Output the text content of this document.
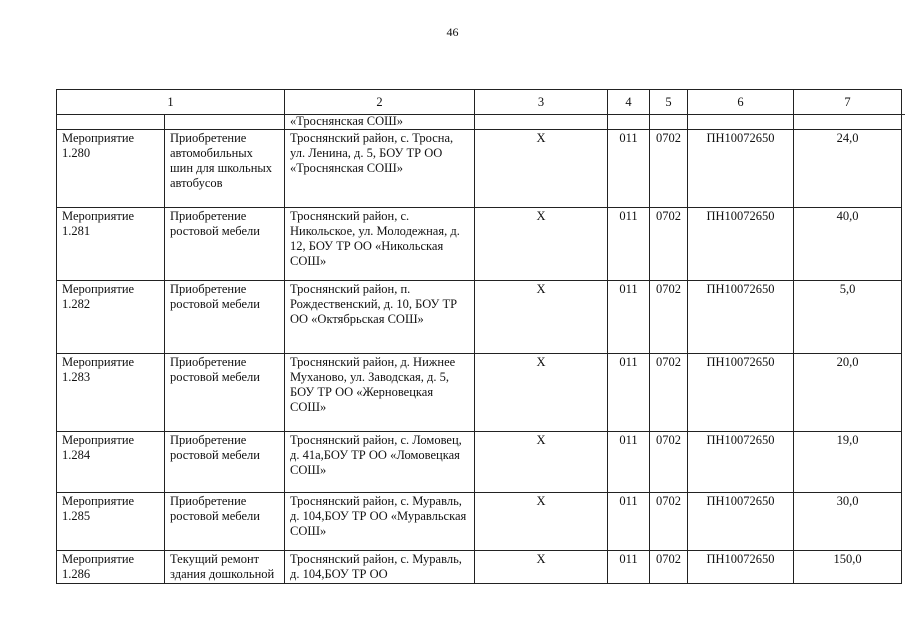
46
1		2	3	4	5	6	7
		«Троснянская СОШ»					
Мероприятие 1.280	Приобретение автомобильных шин для школьных автобусов	Троснянский район, с. Тросна, ул. Ленина, д. 5, БОУ ТР ОО «Троснянская СОШ»	Х	011	0702	ПН10072650	24,0
Мероприятие 1.281	Приобретение ростовой мебели	Троснянский район, с. Никольское, ул. Молодежная, д. 12, БОУ ТР ОО «Никольская СОШ»	Х	011	0702	ПН10072650	40,0
Мероприятие 1.282	Приобретение ростовой мебели	Троснянский район, п. Рождественский, д. 10, БОУ ТР ОО «Октябрьская СОШ»	Х	011	0702	ПН10072650	5,0
Мероприятие 1.283	Приобретение ростовой мебели	Троснянский район, д. Нижнее Муханово, ул. Заводская, д. 5, БОУ ТР ОО «Жерновецкая СОШ»	Х	011	0702	ПН10072650	20,0
Мероприятие 1.284	Приобретение ростовой мебели	Троснянский район, с. Ломовец, д. 41а,БОУ ТР ОО «Ломовецкая СОШ»	Х	011	0702	ПН10072650	19,0
Мероприятие 1.285	Приобретение ростовой мебели	Троснянский район, с. Муравль, д. 104,БОУ ТР ОО «Муравльская СОШ»	Х	011	0702	ПН10072650	30,0
Мероприятие 1.286	Текущий ремонт здания дошкольной	Троснянский район, с. Муравль, д. 104,БОУ ТР ОО	Х	011	0702	ПН10072650	150,0
